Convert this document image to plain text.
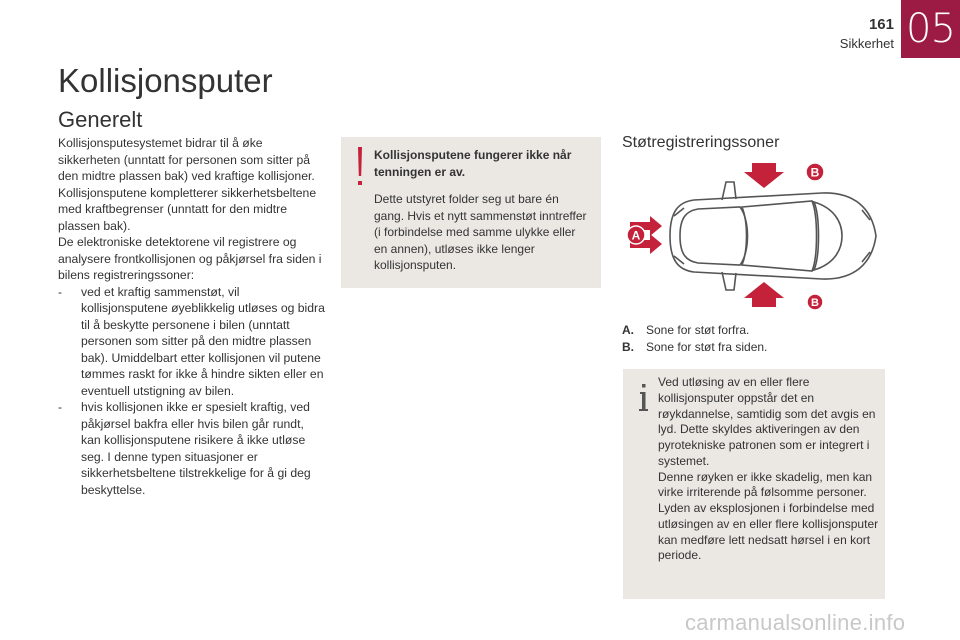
05
161
Sikkerhet
Kollisjonsputer
Generelt

Kollisjonsputesystemet bidrar til å øke sikkerheten (unntatt for personen som sitter på den midtre plassen bak) ved kraftige kollisjoner. Kollisjonsputene kompletterer sikkerhetsbeltene med kraftbegrenser (unntatt for den midtre plassen bak).

De elektroniske detektorene vil registrere og analysere frontkollisjonen og påkjørsel fra siden i bilens registreringssoner:

-	ved et kraftig sammenstøt, vil kollisjonsputene øyeblikkelig utløses og bidra til å beskytte personene i bilen (unntatt personen som sitter på den midtre plassen bak). Umiddelbart etter kollisjonen vil putene tømmes raskt for ikke å hindre sikten eller en eventuell utstigning av bilen.
-	hvis kollisjonen ikke er spesielt kraftig, ved påkjørsel bakfra eller hvis bilen går rundt, kan kollisjonsputene risikere å ikke utløse seg. I denne typen situasjoner er sikkerhetsbeltene tilstrekkelige for å gi deg beskyttelse.
Kollisjonsputene fungerer ikke når tenningen er av.
Dette utstyret folder seg ut bare én gang. Hvis et nytt sammenstøt inntreffer (i forbindelse med samme ulykke eller en annen), utløses ikke lenger kollisjonsputen.
Støtregistreringssoner
A
B
B
A.	Sone for støt forfra.
B.	Sone for støt fra siden.
Ved utløsing av en eller flere kollisjonsputer oppstår det en røykdannelse, samtidig som det avgis en lyd. Dette skyldes aktiveringen av den pyrotekniske patronen som er integrert i systemet.
Denne røyken er ikke skadelig, men kan virke irriterende på følsomme personer.
Lyden av eksplosjonen i forbindelse med utløsingen av en eller flere kollisjonsputer kan medføre lett nedsatt hørsel i en kort periode.
carmanualsonline.info
